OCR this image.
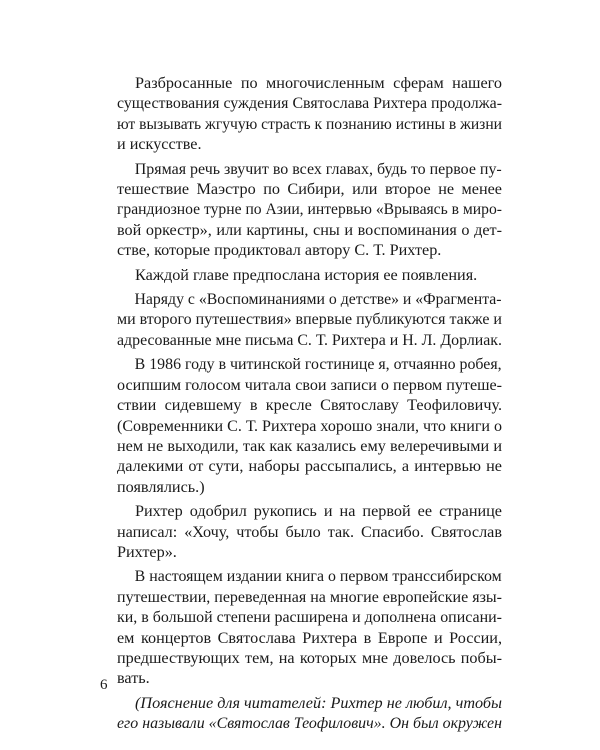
Разбросанные по многочисленным сферам нашего
существования суждения Святослава Рихтера продолжа-
ют вызывать жгучую страсть к познанию истины в жизни
и искусстве.
Прямая речь звучит во всех главах, будь то первое пу-
тешествие Маэстро по Сибири, или второе не менее
грандиозное турне по Азии, интервью «Врываясь в миро-
вой оркестр», или картины, сны и воспоминания о дет-
стве, которые продиктовал автору С. Т. Рихтер.
Каждой главе предпослана история ее появления.
Наряду с «Воспоминаниями о детстве» и «Фрагмента-
ми второго путешествия» впервые публикуются также и
адресованные мне письма С. Т. Рихтера и Н. Л. Дорлиак.
В 1986 году в читинской гостинице я, отчаянно робея,
осипшим голосом читала свои записи о первом путеше-
ствии сидевшему в кресле Святославу Теофиловичу.
(Современники С. Т. Рихтера хорошо знали, что книги о
нем не выходили, так как казались ему велеречивыми и
далекими от сути, наборы рассыпались, а интервью не
появлялись.)
Рихтер одобрил рукопись и на первой ее странице
написал: «Хочу, чтобы было так. Спасибо. Святослав
Рихтер».
В настоящем издании книга о первом транссибирском
путешествии, переведенная на многие европейские язы-
ки, в большой степени расширена и дополнена описани-
ем концертов Святослава Рихтера в Европе и России,
предшествующих тем, на которых мне довелось побы-
вать.
(Пояснение для читателей: Рихтер не любил, чтобы
его называли «Святослав Теофилович». Он был окружен
6
